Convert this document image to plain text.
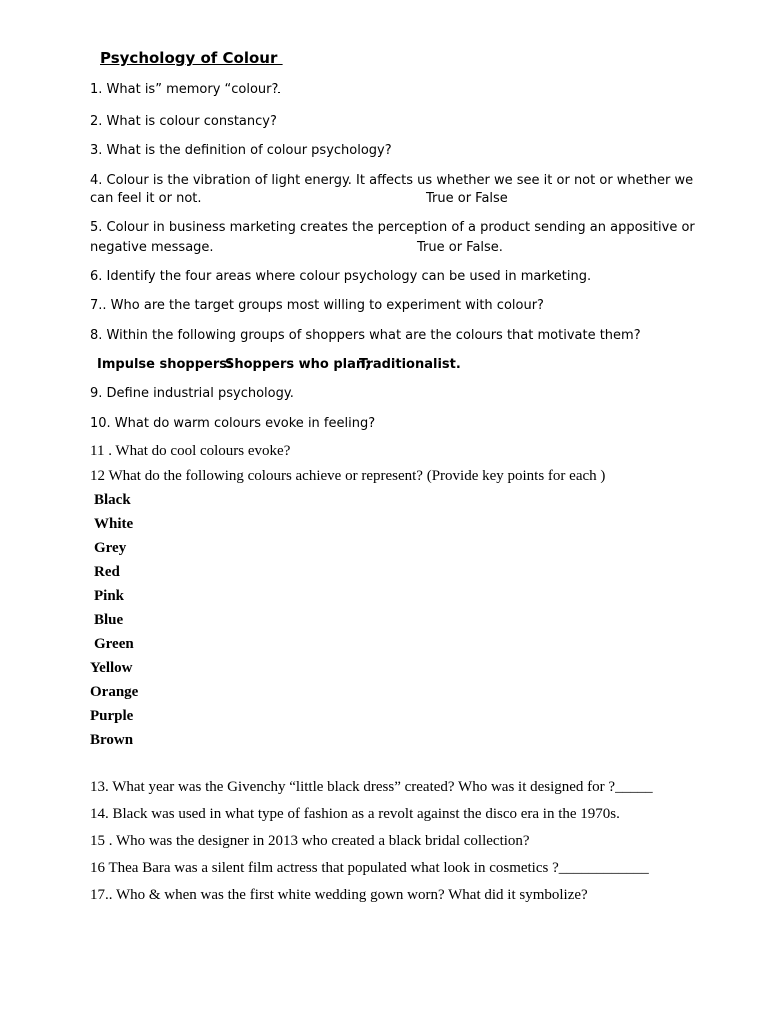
Psychology of Colour
1. What is” memory “colour?
2. What is colour constancy?
3. What is the definition of colour psychology?
4. Colour is the vibration of light energy. It affects us whether we see it or not or whether we
can feel it or not.	True or False
5. Colour in business marketing creates the perception of a product sending an appositive or
negative message.	True or False.
6. Identify the four areas where colour psychology can be used in marketing.
7.. Who are the target groups most willing to experiment with colour?
8. Within the following groups of shoppers what are the colours that motivate them?
Impulse shoppers:
Shoppers who plan;
Traditionalist.
9. Define industrial psychology.
10. What do warm colours evoke in feeling?
11 . What do cool colours evoke?
12 What do the following colours achieve or represent? (Provide key points for each )
Black
White
Grey
Red
Pink
Blue
Green
Yellow
Orange
Purple
Brown
13. What year was the Givenchy “little black dress” created? Who was it designed for ?_____
14. Black was used in what type of fashion as a revolt against the disco era in the 1970s.
15 . Who was the designer in 2013 who created a black bridal collection?
16 Thea Bara was a silent film actress that populated what look in cosmetics ?____________
17.. Who & when was the first white wedding gown worn? What did it symbolize?
